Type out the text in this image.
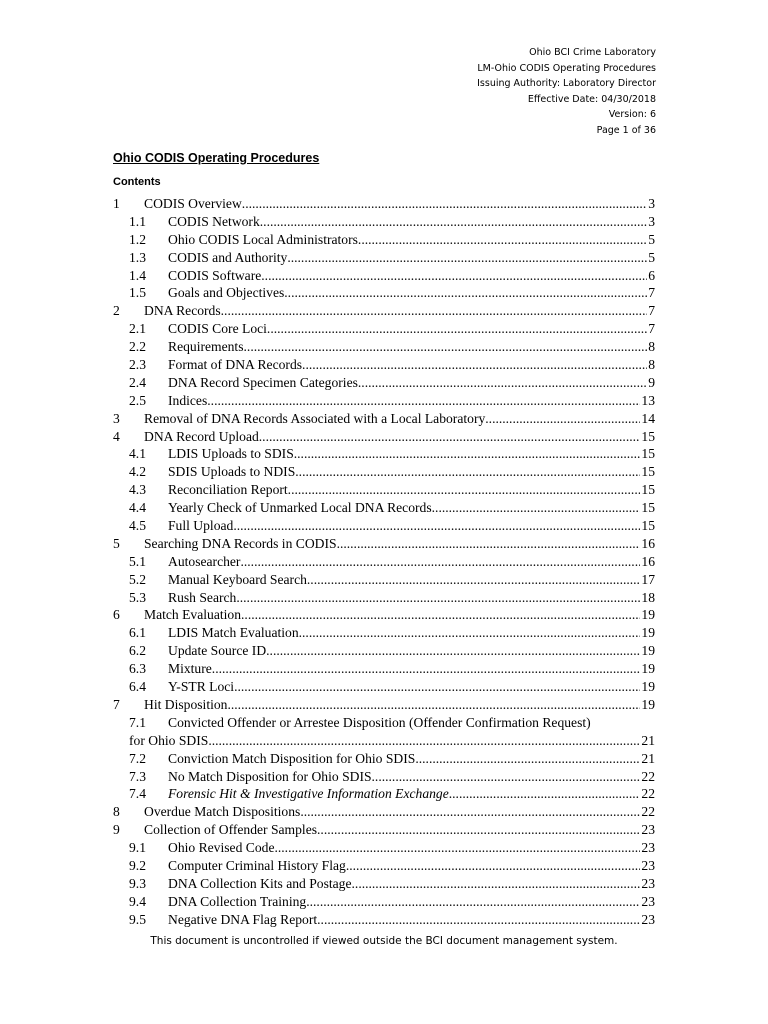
Ohio BCI Crime Laboratory
LM-Ohio CODIS Operating Procedures
Issuing Authority: Laboratory Director
Effective Date: 04/30/2018
Version: 6
Page 1 of 36
Ohio CODIS Operating Procedures
Contents
1	CODIS Overview .....	3
1.1	CODIS Network .....	3
1.2	Ohio CODIS Local Administrators .....	5
1.3	CODIS and Authority .....	5
1.4	CODIS Software .....	6
1.5	Goals and Objectives .....	7
2	DNA Records .....	7
2.1	CODIS Core Loci .....	7
2.2	Requirements .....	8
2.3	Format of DNA Records .....	8
2.4	DNA Record Specimen Categories .....	9
2.5	Indices .....	13
3	Removal of DNA Records Associated with a Local Laboratory .....	14
4	DNA Record Upload .....	15
4.1	LDIS Uploads to SDIS .....	15
4.2	SDIS Uploads to NDIS .....	15
4.3	Reconciliation Report .....	15
4.4	Yearly Check of Unmarked Local DNA Records .....	15
4.5	Full Upload .....	15
5	Searching DNA Records in CODIS .....	16
5.1	Autosearcher .....	16
5.2	Manual Keyboard Search .....	17
5.3	Rush Search .....	18
6	Match Evaluation .....	19
6.1	LDIS Match Evaluation .....	19
6.2	Update Source ID .....	19
6.3	Mixture .....	19
6.4	Y-STR Loci .....	19
7	Hit Disposition .....	19
7.1	Convicted Offender or Arrestee Disposition (Offender Confirmation Request)
for Ohio SDIS .....	21
7.2	Conviction Match Disposition for Ohio SDIS .....	21
7.3	No Match Disposition for Ohio SDIS .....	22
7.4	Forensic Hit & Investigative Information Exchange .....	22
8	Overdue Match Dispositions .....	22
9	Collection of Offender Samples .....	23
9.1	Ohio Revised Code .....	23
9.2	Computer Criminal History Flag .....	23
9.3	DNA Collection Kits and Postage .....	23
9.4	DNA Collection Training .....	23
9.5	Negative DNA Flag Report .....	23
This document is uncontrolled if viewed outside the BCI document management system.
